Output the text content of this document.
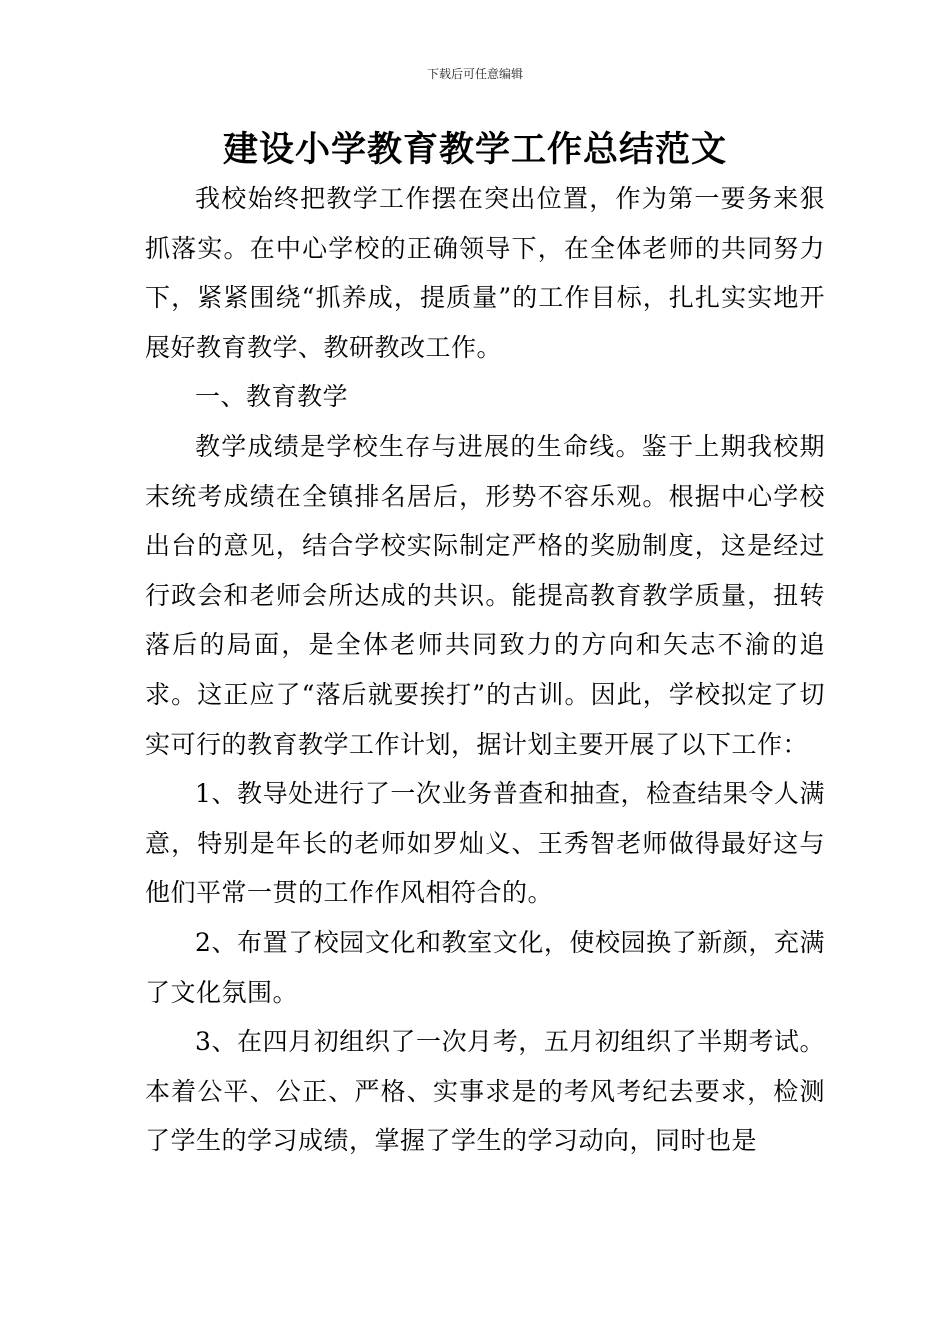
下载后可任意编辑
建设小学教育教学工作总结范文

我校始终把教学工作摆在突出位置，作为第一要务来狠抓落实。在中心学校的正确领导下，在全体老师的共同努力下，紧紧围绕“抓养成，提质量”的工作目标，扎扎实实地开展好教育教学、教研教改工作。

一、教育教学

教学成绩是学校生存与进展的生命线。鉴于上期我校期末统考成绩在全镇排名居后，形势不容乐观。根据中心学校出台的意见，结合学校实际制定严格的奖励制度，这是经过行政会和老师会所达成的共识。能提高教育教学质量，扭转落后的局面，是全体老师共同致力的方向和矢志不渝的追求。这正应了“落后就要挨打”的古训。因此，学校拟定了切实可行的教育教学工作计划，据计划主要开展了以下工作：

1、教导处进行了一次业务普查和抽查，检查结果令人满意，特别是年长的老师如罗灿义、王秀智老师做得最好这与他们平常一贯的工作作风相符合的。

2、布置了校园文化和教室文化，使校园换了新颜，充满了文化氛围。

3、在四月初组织了一次月考，五月初组织了半期考试。本着公平、公正、严格、实事求是的考风考纪去要求，检测了学生的学习成绩，掌握了学生的学习动向，同时也是
